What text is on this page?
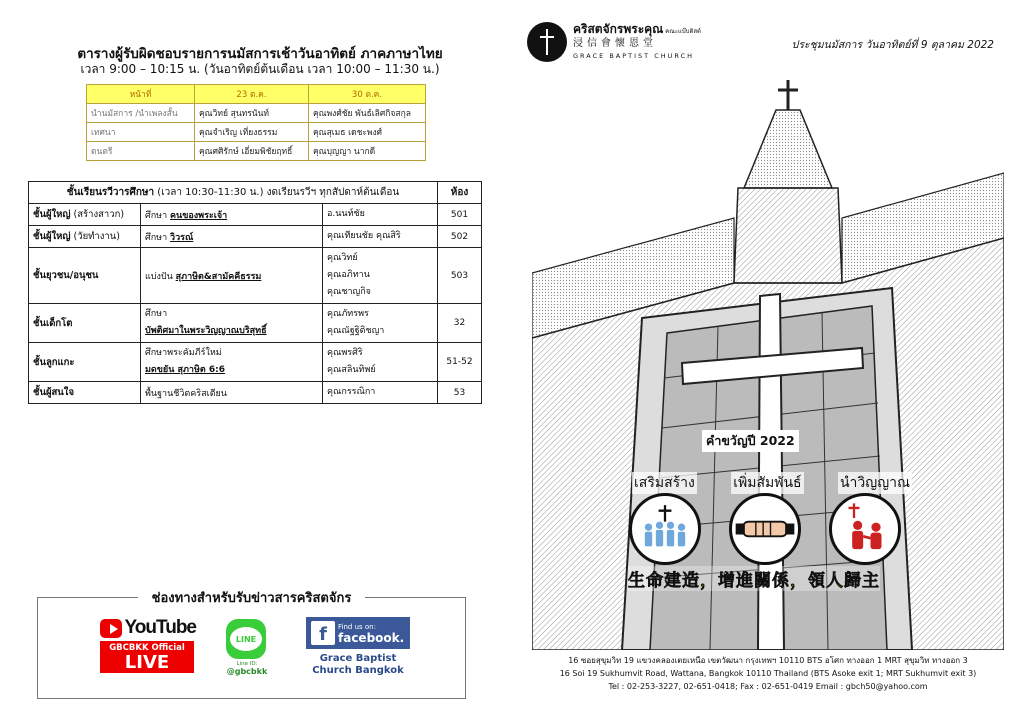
ตารางผู้รับผิดชอบรายการนมัสการเช้าวันอาทิตย์ ภาคภาษาไทย
เวลา 9:00 – 10:15 น. (วันอาทิตย์ต้นเดือน เวลา 10:00 – 11:30 น.)
หน้าที่	23 ต.ค.	30 ต.ค.
นำนมัสการ /นำเพลงสั้น	คุณวิทย์ สุนทรนันท์	คุณพงศ์ชัย พันธ์เลิศกิจสกุล
เทศนา	คุณจำเริญ เที่ยงธรรม	คุณสุเมธ เดชะพงศ์
ดนตรี	คุณศศิรักษ์ เอี่ยมพิชัยฤทธิ์	คุณบุญญา นากดี
ชั้นเรียนรวีวารศึกษา (เวลา 10:30-11:30 น.) งดเรียนรวีฯ ทุกสัปดาห์ต้นเดือน			ห้อง
ชั้นผู้ใหญ่ (สร้างสาวก)	ศึกษา คนของพระเจ้า	อ.นนท์ชัย	501
ชั้นผู้ใหญ่ (วัยทำงาน)	ศึกษา วิวรณ์	คุณเทียนชัย คุณสิริ	502
ชั้นยุวชน/อนุชน	แบ่งปัน สุภาษิต&สามัคคีธรรม	คุณวิทย์
คุณอภิทาน
คุณชาญกิจ	503
ชั้นเด็กโต	ศึกษา
บัพติศมาในพระวิญญาณบริสุทธิ์	คุณภัทรพร
คุณณัฐฐิติชญา	32
ชั้นลูกแกะ	ศึกษาพระคัมภีร์ใหม่
มดขยัน สุภาษิต 6:6	คุณพรศิริ
คุณสลินทิพย์	51-52
ชั้นผู้สนใจ	พื้นฐานชีวิตคริสเตียน	คุณกรรณิกา	53
ช่องทางสำหรับรับข่าวสารคริสตจักร
YouTube
GBCBKK Official
LIVE
LINE
Line ID:
@gbcbkk
f	Find us on:
facebook.
Grace Baptist
Church Bangkok
คริสตจักรพระคุณ คณะแบ๊บติสต์
浸信會懷恩堂
GRACE BAPTIST CHURCH
ประชุมนมัสการ วันอาทิตย์ที่ 9 ตุลาคม 2022
คำขวัญปี 2022
เสริมสร้าง	เพิ่มสัมพันธ์	นำวิญญาณ
生命建造，增進關係，領人歸主
16 ซอยสุขุมวิท 19 แขวงคลองเตยเหนือ เขตวัฒนา กรุงเทพฯ 10110 BTS อโศก ทางออก 1 MRT สุขุมวิท ทางออก 3
16 Soi 19 Sukhumvit Road, Wattana, Bangkok 10110 Thailand (BTS Asoke exit 1; MRT Sukhumvit exit 3)
Tel : 02-253-3227, 02-651-0418; Fax : 02-651-0419 Email : gbch50@yahoo.com
